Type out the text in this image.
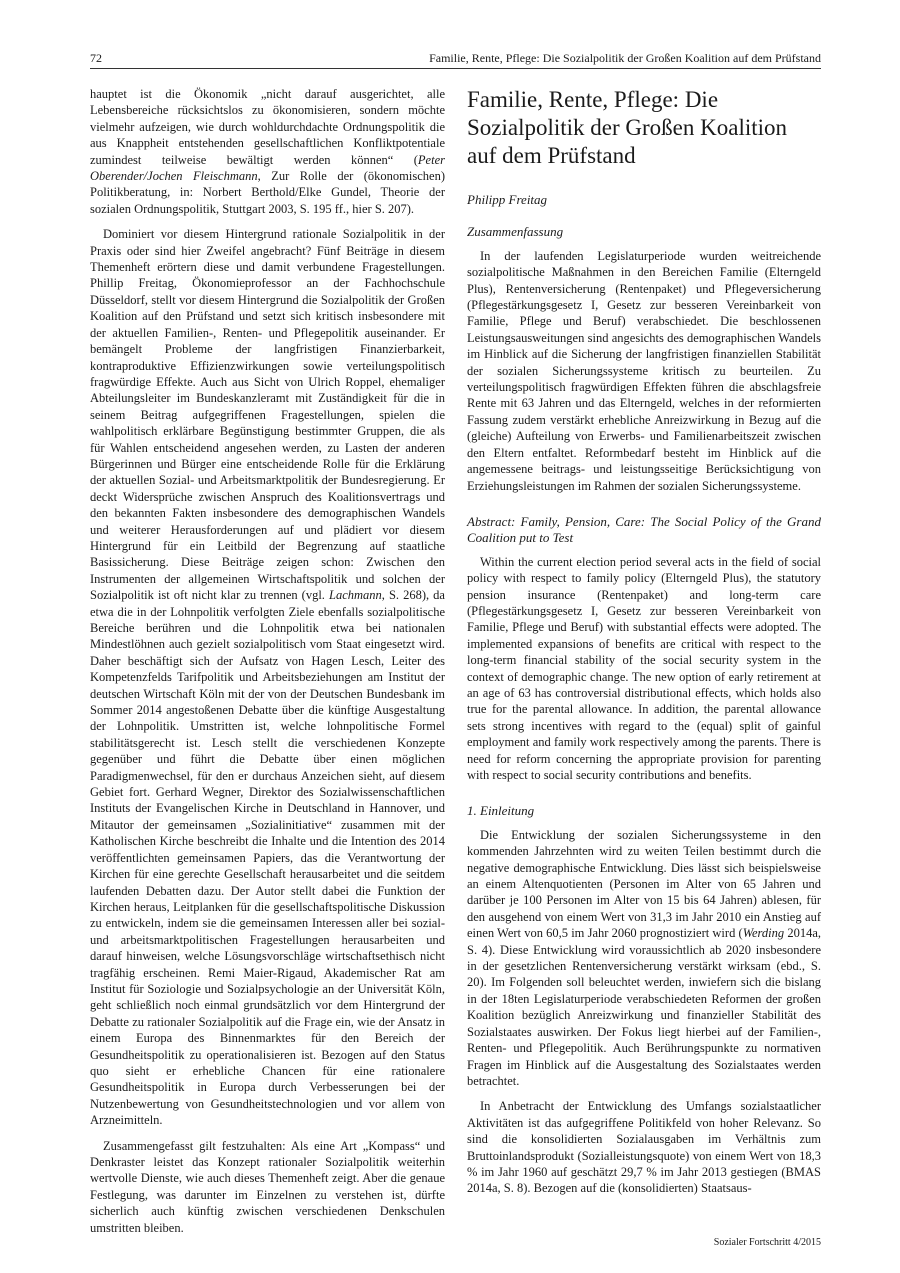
72	Familie, Rente, Pflege: Die Sozialpolitik der Großen Koalition auf dem Prüfstand

hauptet ist die Ökonomik „nicht darauf ausgerichtet, alle Lebensbereiche rücksichtslos zu ökonomisieren, sondern möchte vielmehr aufzeigen, wie durch wohldurchdachte Ordnungspolitik die aus Knappheit entstehenden gesellschaftlichen Konfliktpotentiale zumindest teilweise bewältigt werden können“ (Peter Oberender/Jochen Fleischmann, Zur Rolle der (ökonomischen) Politikberatung, in: Norbert Berthold/Elke Gundel, Theorie der sozialen Ordnungspolitik, Stuttgart 2003, S. 195 ff., hier S. 207).

Dominiert vor diesem Hintergrund rationale Sozialpolitik in der Praxis oder sind hier Zweifel angebracht? Fünf Beiträge in diesem Themenheft erörtern diese und damit verbundene Fragestellungen. Phillip Freitag, Ökonomieprofessor an der Fachhochschule Düsseldorf, stellt vor diesem Hintergrund die Sozialpolitik der Großen Koalition auf den Prüfstand und setzt sich kritisch insbesondere mit der aktuellen Familien-, Renten- und Pflegepolitik auseinander. Er bemängelt Probleme der langfristigen Finanzierbarkeit, kontraproduktive Effizienzwirkungen sowie verteilungspolitisch fragwürdige Effekte. Auch aus Sicht von Ulrich Roppel, ehemaliger Abteilungsleiter im Bundeskanzleramt mit Zuständigkeit für die in seinem Beitrag aufgegriffenen Fragestellungen, spielen die wahlpolitisch erklärbare Begünstigung bestimmter Gruppen, die als für Wahlen entscheidend angesehen werden, zu Lasten der anderen Bürgerinnen und Bürger eine entscheidende Rolle für die Erklärung der aktuellen Sozial- und Arbeitsmarktpolitik der Bundesregierung. Er deckt Widersprüche zwischen Anspruch des Koalitionsvertrags und den bekannten Fakten insbesondere des demographischen Wandels und weiterer Herausforderungen auf und plädiert vor diesem Hintergrund für ein Leitbild der Begrenzung auf staatliche Basissicherung. Diese Beiträge zeigen schon: Zwischen den Instrumenten der allgemeinen Wirtschaftspolitik und solchen der Sozialpolitik ist oft nicht klar zu trennen (vgl. Lachmann, S. 268), da etwa die in der Lohnpolitik verfolgten Ziele ebenfalls sozialpolitische Bereiche berühren und die Lohnpolitik etwa bei nationalen Mindestlöhnen auch gezielt sozialpolitisch vom Staat eingesetzt wird. Daher beschäftigt sich der Aufsatz von Hagen Lesch, Leiter des Kompetenzfelds Tarifpolitik und Arbeitsbeziehungen am Institut der deutschen Wirtschaft Köln mit der von der Deutschen Bundesbank im Sommer 2014 angestoßenen Debatte über die künftige Ausgestaltung der Lohnpolitik. Umstritten ist, welche lohnpolitische Formel stabilitätsgerecht ist. Lesch stellt die verschiedenen Konzepte gegenüber und führt die Debatte über einen möglichen Paradigmenwechsel, für den er durchaus Anzeichen sieht, auf diesem Gebiet fort. Gerhard Wegner, Direktor des Sozialwissenschaftlichen Instituts der Evangelischen Kirche in Deutschland in Hannover, und Mitautor der gemeinsamen „Sozialinitiative“ zusammen mit der Katholischen Kirche beschreibt die Inhalte und die Intention des 2014 veröffentlichten gemeinsamen Papiers, das die Verantwortung der Kirchen für eine gerechte Gesellschaft herausarbeitet und die seitdem laufenden Debatten dazu. Der Autor stellt dabei die Funktion der Kirchen heraus, Leitplanken für die gesellschaftspolitische Diskussion zu entwickeln, indem sie die gemeinsamen Interessen aller bei sozial- und arbeitsmarktpolitischen Fragestellungen herausarbeiten und darauf hinweisen, welche Lösungsvorschläge wirtschaftsethisch nicht tragfähig erscheinen. Remi Maier-Rigaud, Akademischer Rat am Institut für Soziologie und Sozialpsychologie an der Universität Köln, geht schließlich noch einmal grundsätzlich vor dem Hintergrund der Debatte zu rationaler Sozialpolitik auf die Frage ein, wie der Ansatz in einem Europa des Binnenmarktes für den Bereich der Gesundheitspolitik zu operationalisieren ist. Bezogen auf den Status quo sieht er erhebliche Chancen für eine rationalere Gesundheitspolitik in Europa durch Verbesserungen bei der Nutzenbewertung von Gesundheitstechnologien und vor allem von Arzneimitteln.

Zusammengefasst gilt festzuhalten: Als eine Art „Kompass“ und Denkraster leistet das Konzept rationaler Sozialpolitik weiterhin wertvolle Dienste, wie auch dieses Themenheft zeigt. Aber die genaue Festlegung, was darunter im Einzelnen zu verstehen ist, dürfte sicherlich auch künftig zwischen verschiedenen Denkschulen umstritten bleiben.

Familie, Rente, Pflege: Die Sozialpolitik der Großen Koalition auf dem Prüfstand

Philipp Freitag

Zusammenfassung

In der laufenden Legislaturperiode wurden weitreichende sozialpolitische Maßnahmen in den Bereichen Familie (Elterngeld Plus), Rentenversicherung (Rentenpaket) und Pflegeversicherung (Pflegestärkungsgesetz I, Gesetz zur besseren Vereinbarkeit von Familie, Pflege und Beruf) verabschiedet. Die beschlossenen Leistungsausweitungen sind angesichts des demographischen Wandels im Hinblick auf die Sicherung der langfristigen finanziellen Stabilität der sozialen Sicherungssysteme kritisch zu beurteilen. Zu verteilungspolitisch fragwürdigen Effekten führen die abschlagsfreie Rente mit 63 Jahren und das Elterngeld, welches in der reformierten Fassung zudem verstärkt erhebliche Anreizwirkung in Bezug auf die (gleiche) Aufteilung von Erwerbs- und Familienarbeitszeit zwischen den Eltern entfaltet. Reformbedarf besteht im Hinblick auf die angemessene beitrags- und leistungsseitige Berücksichtigung von Erziehungsleistungen im Rahmen der sozialen Sicherungssysteme.

Abstract: Family, Pension, Care: The Social Policy of the Grand Coalition put to Test

Within the current election period several acts in the field of social policy with respect to family policy (Elterngeld Plus), the statutory pension insurance (Rentenpaket) and long-term care (Pflegestärkungsgesetz I, Gesetz zur besseren Vereinbarkeit von Familie, Pflege und Beruf) with substantial effects were adopted. The implemented expansions of benefits are critical with respect to the long-term financial stability of the social security system in the context of demographic change. The new option of early retirement at an age of 63 has controversial distributional effects, which holds also true for the parental allowance. In addition, the parental allowance sets strong incentives with regard to the (equal) split of gainful employment and family work respectively among the parents. There is need for reform concerning the appropriate provision for parenting with respect to social security contributions and benefits.

1. Einleitung

Die Entwicklung der sozialen Sicherungssysteme in den kommenden Jahrzehnten wird zu weiten Teilen bestimmt durch die negative demographische Entwicklung. Dies lässt sich beispielsweise an einem Altenquotienten (Personen im Alter von 65 Jahren und darüber je 100 Personen im Alter von 15 bis 64 Jahren) ablesen, für den ausgehend von einem Wert von 31,3 im Jahr 2010 ein Anstieg auf einen Wert von 60,5 im Jahr 2060 prognostiziert wird (Werding 2014a, S. 4). Diese Entwicklung wird voraussichtlich ab 2020 insbesondere in der gesetzlichen Rentenversicherung verstärkt wirksam (ebd., S. 20). Im Folgenden soll beleuchtet werden, inwiefern sich die bislang in der 18ten Legislaturperiode verabschiedeten Reformen der großen Koalition bezüglich Anreizwirkung und finanzieller Stabilität des Sozialstaates auswirken. Der Fokus liegt hierbei auf der Familien-, Renten- und Pflegepolitik. Auch Berührungspunkte zu normativen Fragen im Hinblick auf die Ausgestaltung des Sozialstaates werden betrachtet.

In Anbetracht der Entwicklung des Umfangs sozialstaatlicher Aktivitäten ist das aufgegriffene Politikfeld von hoher Relevanz. So sind die konsolidierten Sozialausgaben im Verhältnis zum Bruttoinlandsprodukt (Sozialleistungsquote) von einem Wert von 18,3 % im Jahr 1960 auf geschätzt 29,7 % im Jahr 2013 gestiegen (BMAS 2014a, S. 8). Bezogen auf die (konsolidierten) Staatsaus-

Sozialer Fortschritt 4/2015
